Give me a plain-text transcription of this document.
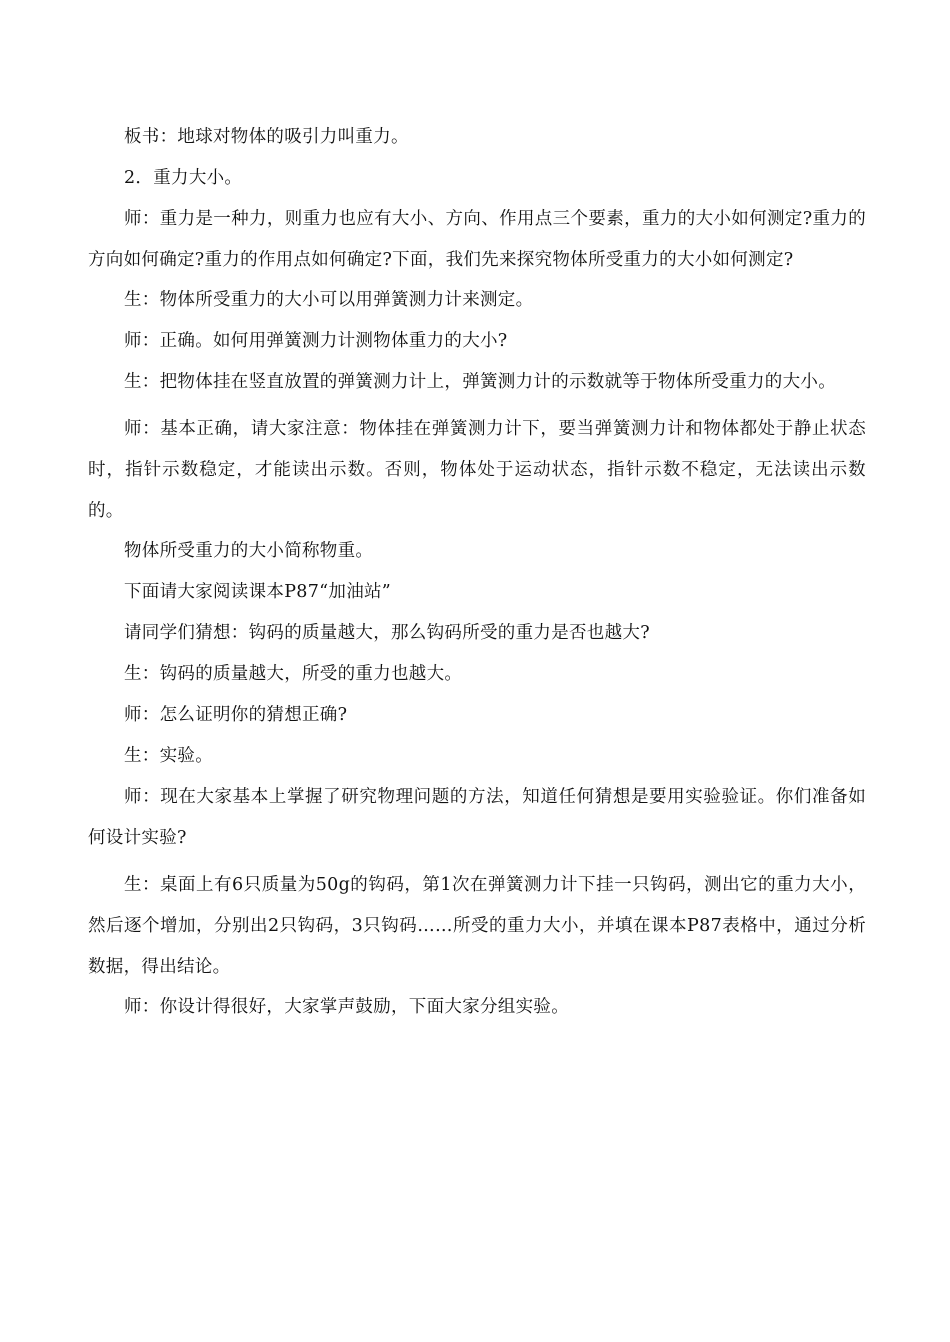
板书：地球对物体的吸引力叫重力。

2．重力大小。

师：重力是一种力，则重力也应有大小、方向、作用点三个要素，重力的大小如何测定?重力的方向如何确定?重力的作用点如何确定?下面，我们先来探究物体所受重力的大小如何测定?

生：物体所受重力的大小可以用弹簧测力计来测定。

师：正确。如何用弹簧测力计测物体重力的大小?

生：把物体挂在竖直放置的弹簧测力计上，弹簧测力计的示数就等于物体所受重力的大小。

师：基本正确，请大家注意：物体挂在弹簧测力计下，要当弹簧测力计和物体都处于静止状态时，指针示数稳定，才能读出示数。否则，物体处于运动状态，指针示数不稳定，无法读出示数的。

物体所受重力的大小简称物重。

下面请大家阅读课本P87“加油站”

请同学们猜想：钩码的质量越大，那么钩码所受的重力是否也越大?

生：钩码的质量越大，所受的重力也越大。

师：怎么证明你的猜想正确?

生：实验。

师：现在大家基本上掌握了研究物理问题的方法，知道任何猜想是要用实验验证。你们准备如何设计实验?

生：桌面上有6只质量为50g的钩码，第1次在弹簧测力计下挂一只钩码，测出它的重力大小，然后逐个增加，分别出2只钩码，3只钩码……所受的重力大小，并填在课本P87表格中，通过分析数据，得出结论。

师：你设计得很好，大家掌声鼓励，下面大家分组实验。
